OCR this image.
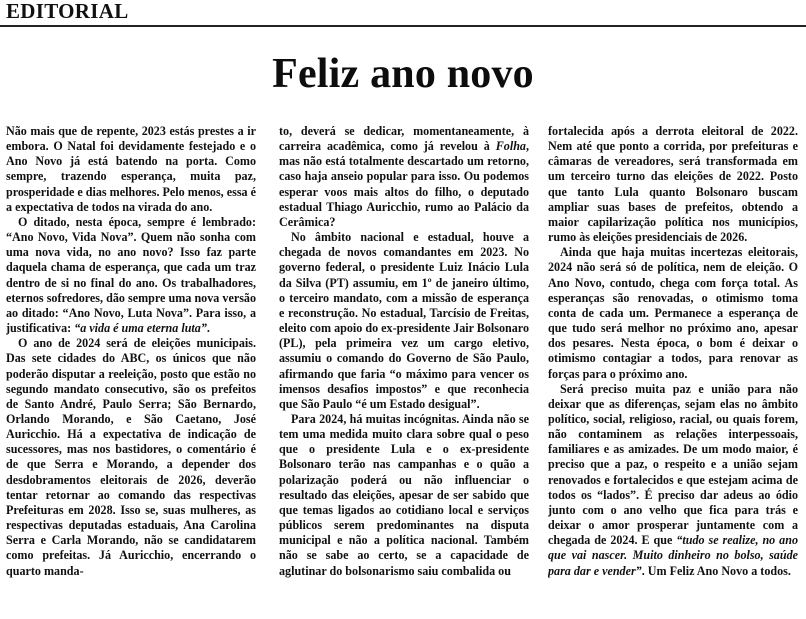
EDITORIAL
Feliz ano novo

Não mais que de repente, 2023 estás prestes a ir embora. O Natal foi devidamente festejado e o Ano Novo já está batendo na porta. Como sempre, trazendo esperança, muita paz, prosperidade e dias melhores. Pelo menos, essa é a expectativa de todos na virada do ano.

O ditado, nesta época, sempre é lembrado: “Ano Novo, Vida Nova”. Quem não sonha com uma nova vida, no ano novo? Isso faz parte daquela chama de esperança, que cada um traz dentro de si no final do ano. Os trabalhadores, eternos sofredores, dão sempre uma nova versão ao ditado: “Ano Novo, Luta Nova”. Para isso, a justificativa: “a vida é uma eterna luta”.

O ano de 2024 será de eleições municipais. Das sete cidades do ABC, os únicos que não poderão disputar a reeleição, posto que estão no segundo mandato consecutivo, são os prefeitos de Santo André, Paulo Serra; São Bernardo, Orlando Morando, e São Caetano, José Auricchio. Há a expectativa de indicação de sucessores, mas nos bastidores, o comentário é de que Serra e Morando, a depender dos desdobramentos eleitorais de 2026, deverão tentar retornar ao comando das respectivas Prefeituras em 2028. Isso se, suas mulheres, as respectivas deputadas estaduais, Ana Carolina Serra e Carla Morando, não se candidatarem como prefeitas. Já Auricchio, encerrando o quarto manda-

to, deverá se dedicar, momentaneamente, à carreira acadêmica, como já revelou à Folha, mas não está totalmente descartado um retorno, caso haja anseio popular para isso. Ou podemos esperar voos mais altos do filho, o deputado estadual Thiago Auricchio, rumo ao Palácio da Cerâmica?

No âmbito nacional e estadual, houve a chegada de novos comandantes em 2023. No governo federal, o presidente Luiz Inácio Lula da Silva (PT) assumiu, em 1º de janeiro último, o terceiro mandato, com a missão de esperança e reconstrução. No estadual, Tarcísio de Freitas, eleito com apoio do ex-presidente Jair Bolsonaro (PL), pela primeira vez um cargo eletivo, assumiu o comando do Governo de São Paulo, afirmando que faria “o máximo para vencer os imensos desafios impostos” e que reconhecia que São Paulo “é um Estado desigual”.

Para 2024, há muitas incógnitas. Ainda não se tem uma medida muito clara sobre qual o peso que o presidente Lula e o ex-presidente Bolsonaro terão nas campanhas e o quão a polarização poderá ou não influenciar o resultado das eleições, apesar de ser sabido que que temas ligados ao cotidiano local e serviços públicos serem predominantes na disputa municipal e não a política nacional. Também não se sabe ao certo, se a capacidade de aglutinar do bolsonarismo saiu combalida ou

fortalecida após a derrota eleitoral de 2022. Nem até que ponto a corrida, por prefeituras e câmaras de vereadores, será transformada em um terceiro turno das eleições de 2022. Posto que tanto Lula quanto Bolsonaro buscam ampliar suas bases de prefeitos, obtendo a maior capilarização política nos municípios, rumo às eleições presidenciais de 2026.

Ainda que haja muitas incertezas eleitorais, 2024 não será só de política, nem de eleição. O Ano Novo, contudo, chega com força total. As esperanças são renovadas, o otimismo toma conta de cada um. Permanece a esperança de que tudo será melhor no próximo ano, apesar dos pesares. Nesta época, o bom é deixar o otimismo contagiar a todos, para renovar as forças para o próximo ano.

Será preciso muita paz e união para não deixar que as diferenças, sejam elas no âmbito político, social, religioso, racial, ou quais forem, não contaminem as relações interpessoais, familiares e as amizades. De um modo maior, é preciso que a paz, o respeito e a união sejam renovados e fortalecidos e que estejam acima de todos os “lados”. É preciso dar adeus ao ódio junto com o ano velho que fica para trás e deixar o amor prosperar juntamente com a chegada de 2024. E que “tudo se realize, no ano que vai nascer. Muito dinheiro no bolso, saúde para dar e vender”. Um Feliz Ano Novo a todos.
